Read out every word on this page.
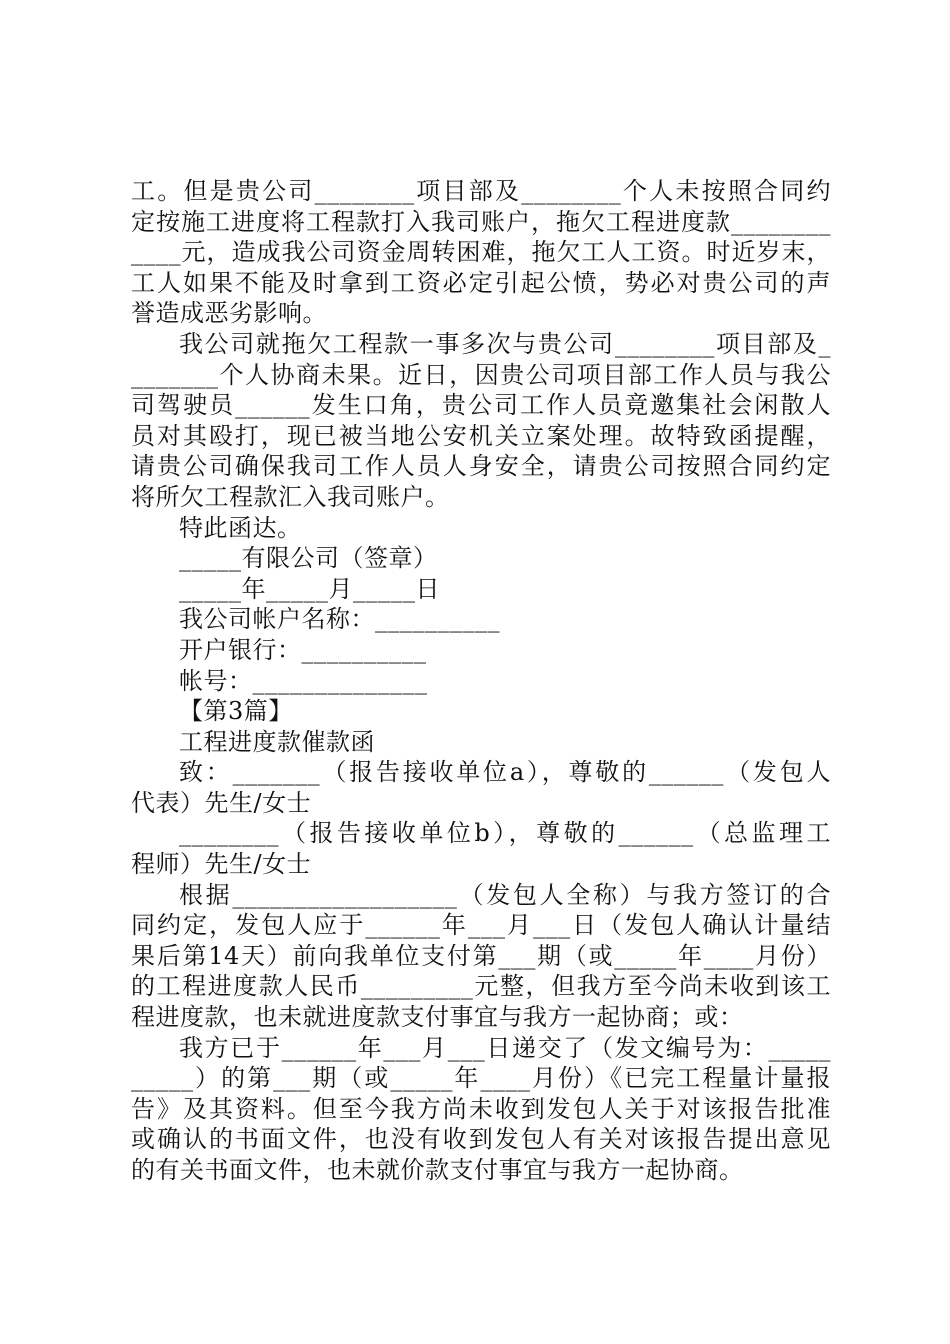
工。但是贵公司________项目部及________个人未按照合同约
定按施工进度将工程款打入我司账户，拖欠工程进度款________
____元，造成我公司资金周转困难，拖欠工人工资。时近岁末，
工人如果不能及时拿到工资必定引起公愤，势必对贵公司的声
誉造成恶劣影响。
我公司就拖欠工程款一事多次与贵公司________项目部及_
_______个人协商未果。近日，因贵公司项目部工作人员与我公
司驾驶员______发生口角，贵公司工作人员竟邀集社会闲散人
员对其殴打，现已被当地公安机关立案处理。故特致函提醒，
请贵公司确保我司工作人员人身安全，请贵公司按照合同约定
将所欠工程款汇入我司账户。
特此函达。
_____有限公司（签章）
_____年_____月_____日
我公司帐户名称：__________
开户银行：__________
帐号：______________
【第3篇】
工程进度款催款函
致：_______（报告接收单位a），尊敬的______（发包人
代表）先生/女士
________（报告接收单位b），尊敬的______（总监理工
程师）先生/女士
根据__________________（发包人全称）与我方签订的合
同约定，发包人应于______年___月___日（发包人确认计量结
果后第14天）前向我单位支付第___期（或_____年____月份）
的工程进度款人民币_________元整，但我方至今尚未收到该工
程进度款，也未就进度款支付事宜与我方一起协商；或：
我方已于______年___月___日递交了（发文编号为：_____
_____）的第___期（或_____年____月份）《已完工程量计量报
告》及其资料。但至今我方尚未收到发包人关于对该报告批准
或确认的书面文件，也没有收到发包人有关对该报告提出意见
的有关书面文件，也未就价款支付事宜与我方一起协商。
